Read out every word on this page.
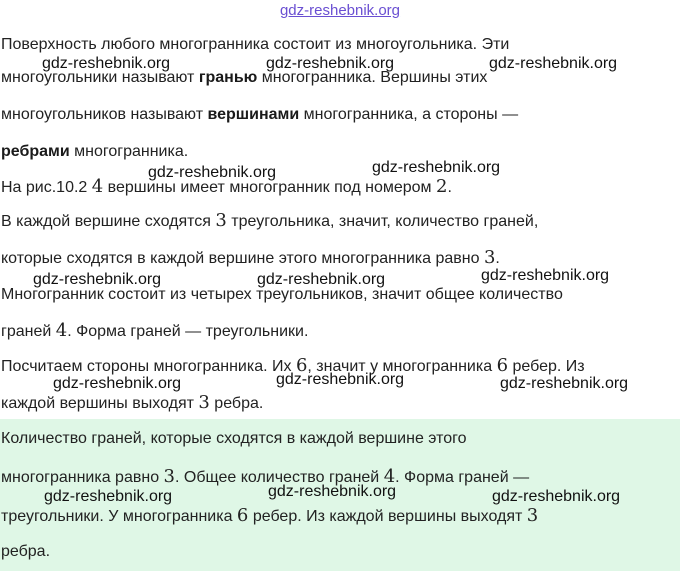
gdz-reshebnik.org
Поверхность любого многогранника состоит из многоугольника. Эти
многоугольники называют гранью многогранника. Вершины этих
многоугольников называют вершинами многогранника, а стороны —
ребрами многогранника.
На рис.10.2 4 вершины имеет многогранник под номером 2.
В каждой вершине сходятся 3 треугольника, значит, количество граней,
которые сходятся в каждой вершине этого многогранника равно 3.
Многогранник состоит из четырех треугольников, значит общее количество
граней 4. Форма граней — треугольники.
Посчитаем стороны многогранника. Их 6, значит у многогранника 6 ребер. Из
каждой вершины выходят 3 ребра.
Количество граней, которые сходятся в каждой вершине этого
многогранника равно 3. Общее количество граней 4. Форма граней —
треугольники. У многогранника 6 ребер. Из каждой вершины выходят 3
ребра.
gdz-reshebnik.org	gdz-reshebnik.org	gdz-reshebnik.org
gdz-reshebnik.org	gdz-reshebnik.org
gdz-reshebnik.org	gdz-reshebnik.org	gdz-reshebnik.org
gdz-reshebnik.org	gdz-reshebnik.org	gdz-reshebnik.org
gdz-reshebnik.org	gdz-reshebnik.org	gdz-reshebnik.org
